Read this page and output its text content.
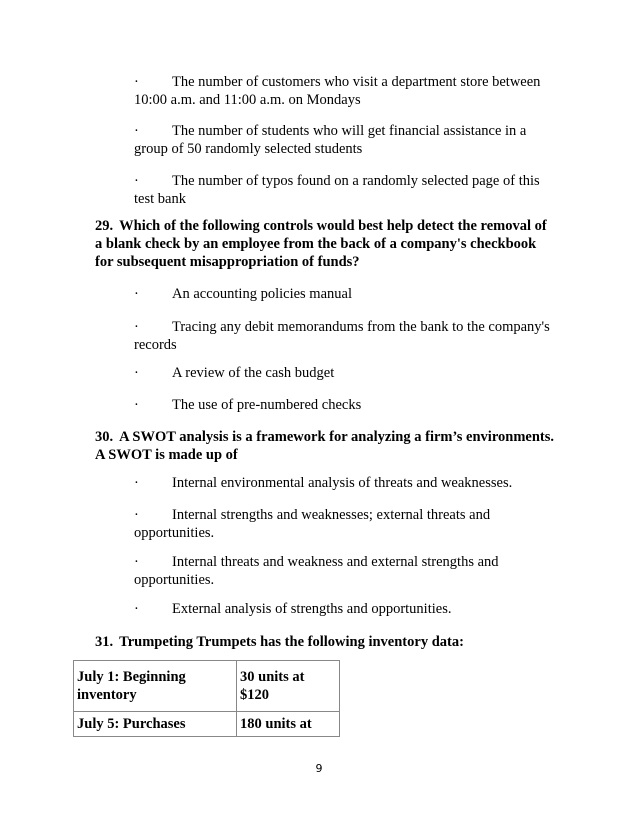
· The number of customers who visit a department store between
10:00 a.m. and 11:00 a.m. on Mondays

· The number of students who will get financial assistance in a
group of 50 randomly selected students

· The number of typos found on a randomly selected page of this
test bank

29. Which of the following controls would best help detect the removal of
a blank check by an employee from the back of a company's checkbook
for subsequent misappropriation of funds?

· An accounting policies manual

· Tracing any debit memorandums from the bank to the company's
records

· A review of the cash budget

· The use of pre-numbered checks

30. A SWOT analysis is a framework for analyzing a firm’s environments.
A SWOT is made up of

· Internal environmental analysis of threats and weaknesses.

· Internal strengths and weaknesses; external threats and
opportunities.

· Internal threats and weakness and external strengths and
opportunities.

· External analysis of strengths and opportunities.

31. Trumpeting Trumpets has the following inventory data:

July 1: Beginning
inventory	30 units at $120
July 5: Purchases	180 units at
9
